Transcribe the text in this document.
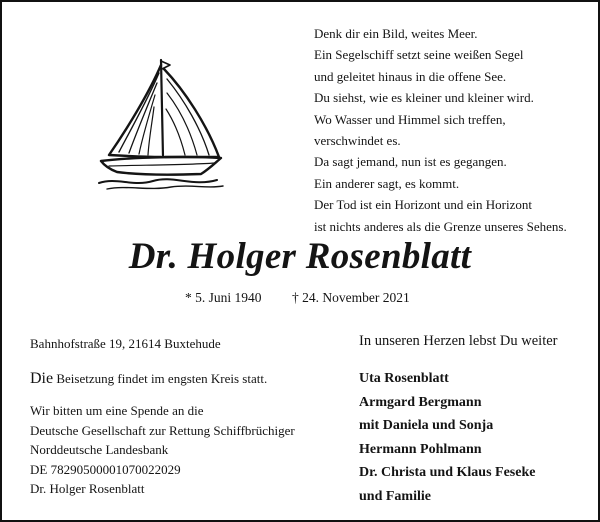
Denk dir ein Bild, weites Meer.
Ein Segelschiff setzt seine weißen Segel
und geleitet hinaus in die offene See.
Du siehst, wie es kleiner und kleiner wird.
Wo Wasser und Himmel sich treffen,
verschwindet es.
Da sagt jemand, nun ist es gegangen.
Ein anderer sagt, es kommt.
Der Tod ist ein Horizont und ein Horizont
ist nichts anderes als die Grenze unseres Sehens.
Dr. Holger Rosenblatt
* 5. Juni 1940 † 24. November 2021
Bahnhofstraße 19, 21614 Buxtehude
Die Beisetzung findet im engsten Kreis statt.
Wir bitten um eine Spende an die
Deutsche Gesellschaft zur Rettung Schiffbrüchiger
Norddeutsche Landesbank
DE 78290500001070022029
Dr. Holger Rosenblatt
In unseren Herzen lebst Du weiter
Uta Rosenblatt
Armgard Bergmann
mit Daniela und Sonja
Hermann Pohlmann
Dr. Christa und Klaus Feseke
und Familie
